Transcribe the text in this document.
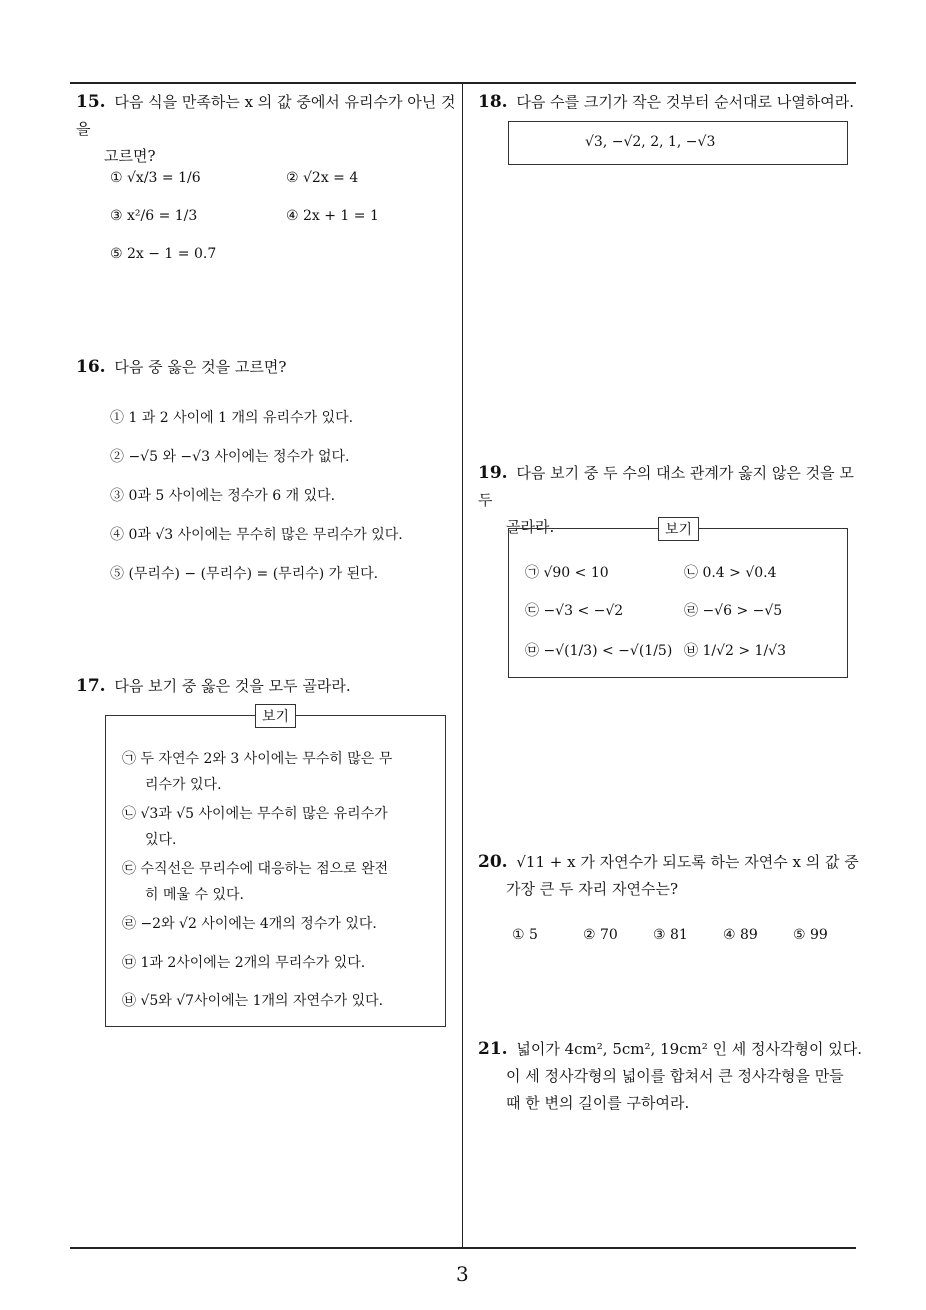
3
15. 다음 식을 만족하는 x 의 값 중에서 유리수가 아닌 것을
고르면?
① √x/3 = 1/6	② √2x = 4
③ x²/6 = 1/3	④ 2x + 1 = 1
⑤ 2x − 1 = 0.7̇
16. 다음 중 옳은 것을 고르면?
① 1 과 2 사이에 1 개의 유리수가 있다.
② −√5 와 −√3 사이에는 정수가 없다.
③ 0과 5 사이에는 정수가 6 개 있다.
④ 0과 √3 사이에는 무수히 많은 무리수가 있다.
⑤ (무리수) − (무리수) = (무리수) 가 된다.
17. 다음 보기 중 옳은 것을 모두 골라라.
보기
㉠ 두 자연수 2와 3 사이에는 무수히 많은 무
리수가 있다.
㉡ √3과 √5 사이에는 무수히 많은 유리수가
있다.
㉢ 수직선은 무리수에 대응하는 점으로 완전
히 메울 수 있다.
㉣ −2와 √2 사이에는 4개의 정수가 있다.
㉤ 1과 2사이에는 2개의 무리수가 있다.
㉥ √5와 √7사이에는 1개의 자연수가 있다.
18. 다음 수를 크기가 작은 것부터 순서대로 나열하여라.
√3, −√2, 2, 1, −√3
19. 다음 보기 중 두 수의 대소 관계가 옳지 않은 것을 모두
골라라.	보기
㉠ √90 < 10	㉡ 0.4 > √0.4
㉢ −√3 < −√2	㉣ −√6 > −√5
㉤ −√(1/3) < −√(1/5) ㉥ 1/√2 > 1/√3
20. √11 + x 가 자연수가 되도록 하는 자연수 x 의 값 중
가장 큰 두 자리 자연수는?
① 5	② 70	③ 81	④ 89	⑤ 99
21. 넓이가 4cm², 5cm², 19cm² 인 세 정사각형이 있다.
이 세 정사각형의 넓이를 합쳐서 큰 정사각형을 만들
때 한 변의 길이를 구하여라.
